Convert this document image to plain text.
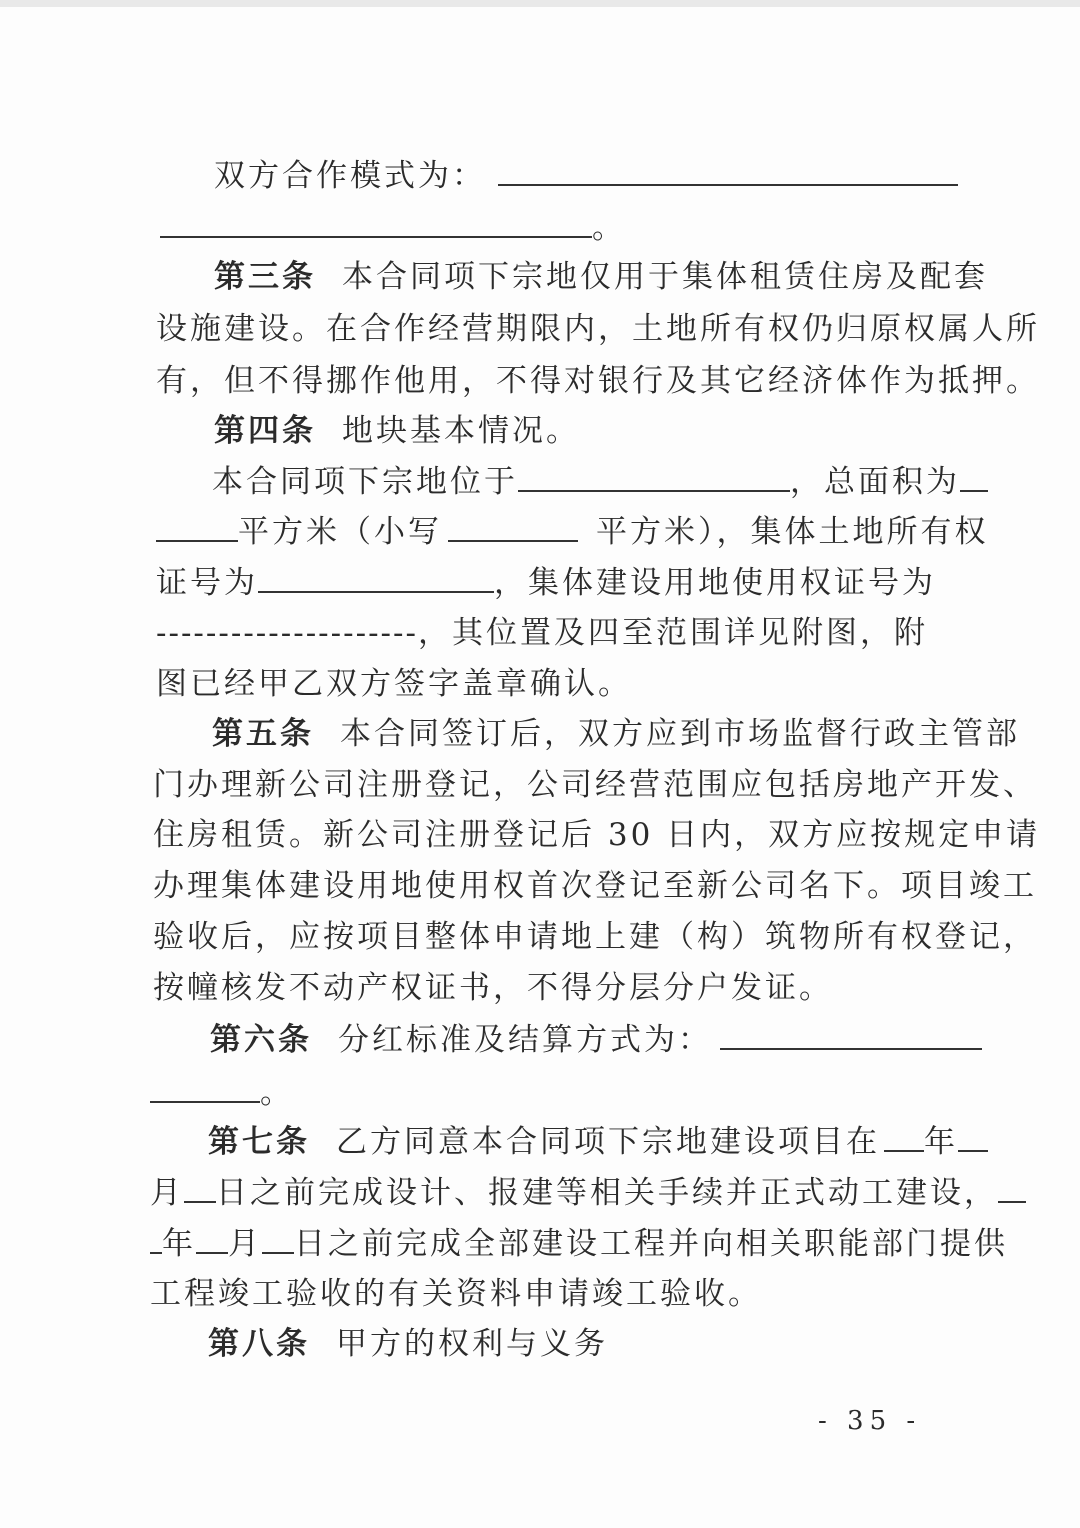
双方合作模式为：
。
第三条 本合同项下宗地仅用于集体租赁住房及配套
设施建设。在合作经营期限内，土地所有权仍归原权属人所
有，但不得挪作他用，不得对银行及其它经济体作为抵押。
第四条 地块基本情况。
本合同项下宗地位于	，总面积为
平方米（小写	平方米），集体土地所有权
证号为	，集体建设用地使用权证号为
---------------------，其位置及四至范围详见附图，附
图已经甲乙双方签字盖章确认。
第五条 本合同签订后，双方应到市场监督行政主管部
门办理新公司注册登记，公司经营范围应包括房地产开发、
住房租赁。新公司注册登记后 30 日内，双方应按规定申请
办理集体建设用地使用权首次登记至新公司名下。项目竣工
验收后，应按项目整体申请地上建（构）筑物所有权登记，
按幢核发不动产权证书，不得分层分户发证。
第六条 分红标准及结算方式为：
。
第七条 乙方同意本合同项下宗地建设项目在 年
月 日之前完成设计、报建等相关手续并正式动工建设，
年 月 日之前完成全部建设工程并向相关职能部门提供
工程竣工验收的有关资料申请竣工验收。
第八条 甲方的权利与义务
- 35 -
